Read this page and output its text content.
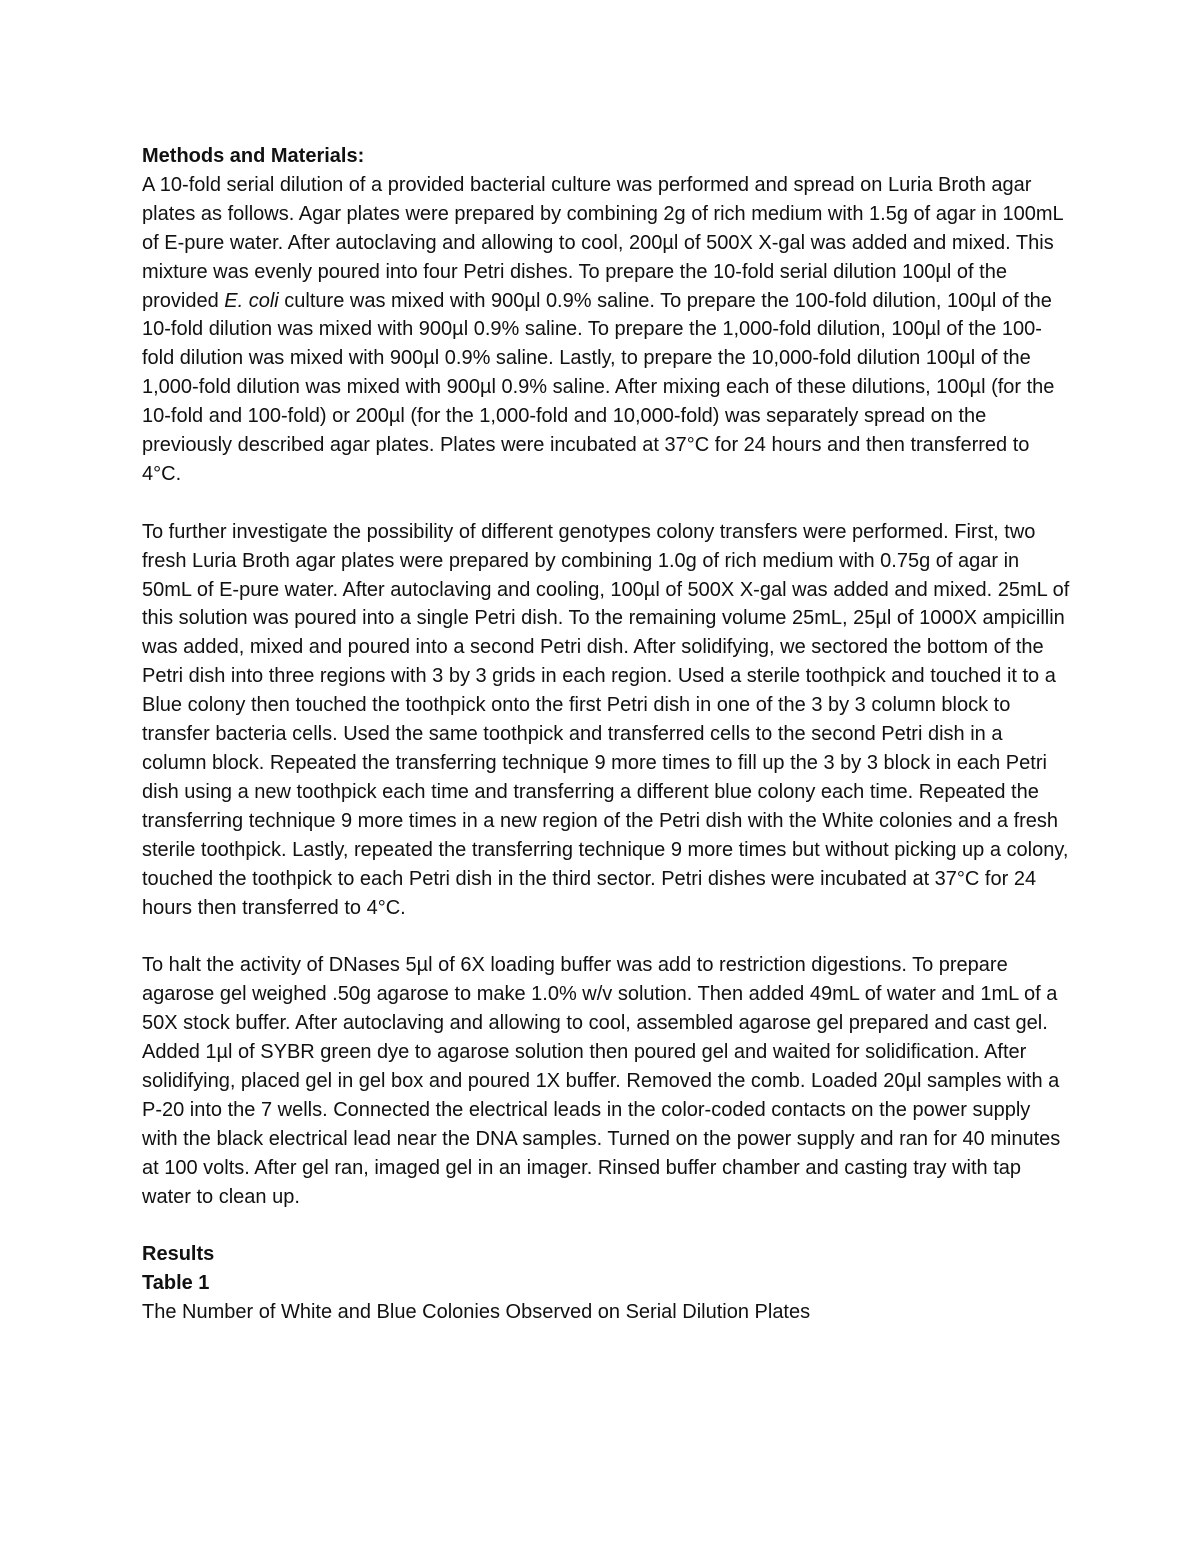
Methods and Materials:
A 10-fold serial dilution of a provided bacterial culture was performed and spread on Luria Broth agar plates as follows. Agar plates were prepared by combining 2g of rich medium with 1.5g of agar in 100mL of E-pure water. After autoclaving and allowing to cool, 200µl of 500X X-gal was added and mixed. This mixture was evenly poured into four Petri dishes. To prepare the 10-fold serial dilution 100µl of the provided E. coli culture was mixed with 900µl 0.9% saline. To prepare the 100-fold dilution, 100µl of the 10-fold dilution was mixed with 900µl 0.9% saline. To prepare the 1,000-fold dilution, 100µl of the 100-fold dilution was mixed with 900µl 0.9% saline. Lastly, to prepare the 10,000-fold dilution 100µl of the 1,000-fold dilution was mixed with 900µl 0.9% saline. After mixing each of these dilutions, 100µl (for the 10-fold and 100-fold) or 200µl (for the 1,000-fold and 10,000-fold) was separately spread on the previously described agar plates. Plates were incubated at 37°C for 24 hours and then transferred to 4°C.

To further investigate the possibility of different genotypes colony transfers were performed. First, two fresh Luria Broth agar plates were prepared by combining 1.0g of rich medium with 0.75g of agar in 50mL of E-pure water. After autoclaving and cooling, 100µl of 500X X-gal was added and mixed. 25mL of this solution was poured into a single Petri dish. To the remaining volume 25mL, 25µl of 1000X ampicillin was added, mixed and poured into a second Petri dish. After solidifying, we sectored the bottom of the Petri dish into three regions with 3 by 3 grids in each region. Used a sterile toothpick and touched it to a Blue colony then touched the toothpick onto the first Petri dish in one of the 3 by 3 column block to transfer bacteria cells. Used the same toothpick and transferred cells to the second Petri dish in a column block. Repeated the transferring technique 9 more times to fill up the 3 by 3 block in each Petri dish using a new toothpick each time and transferring a different blue colony each time. Repeated the transferring technique 9 more times in a new region of the Petri dish with the White colonies and a fresh sterile toothpick. Lastly, repeated the transferring technique 9 more times but without picking up a colony, touched the toothpick to each Petri dish in the third sector. Petri dishes were incubated at 37°C for 24 hours then transferred to 4°C.

To halt the activity of DNases 5µl of 6X loading buffer was add to restriction digestions. To prepare agarose gel weighed .50g agarose to make 1.0% w/v solution. Then added 49mL of water and 1mL of a 50X stock buffer. After autoclaving and allowing to cool, assembled agarose gel prepared and cast gel. Added 1µl of SYBR green dye to agarose solution then poured gel and waited for solidification. After solidifying, placed gel in gel box and poured 1X buffer. Removed the comb. Loaded 20µl samples with a P-20 into the 7 wells. Connected the electrical leads in the color-coded contacts on the power supply with the black electrical lead near the DNA samples. Turned on the power supply and ran for 40 minutes at 100 volts. After gel ran, imaged gel in an imager. Rinsed buffer chamber and casting tray with tap water to clean up.

Results
Table 1
The Number of White and Blue Colonies Observed on Serial Dilution Plates
